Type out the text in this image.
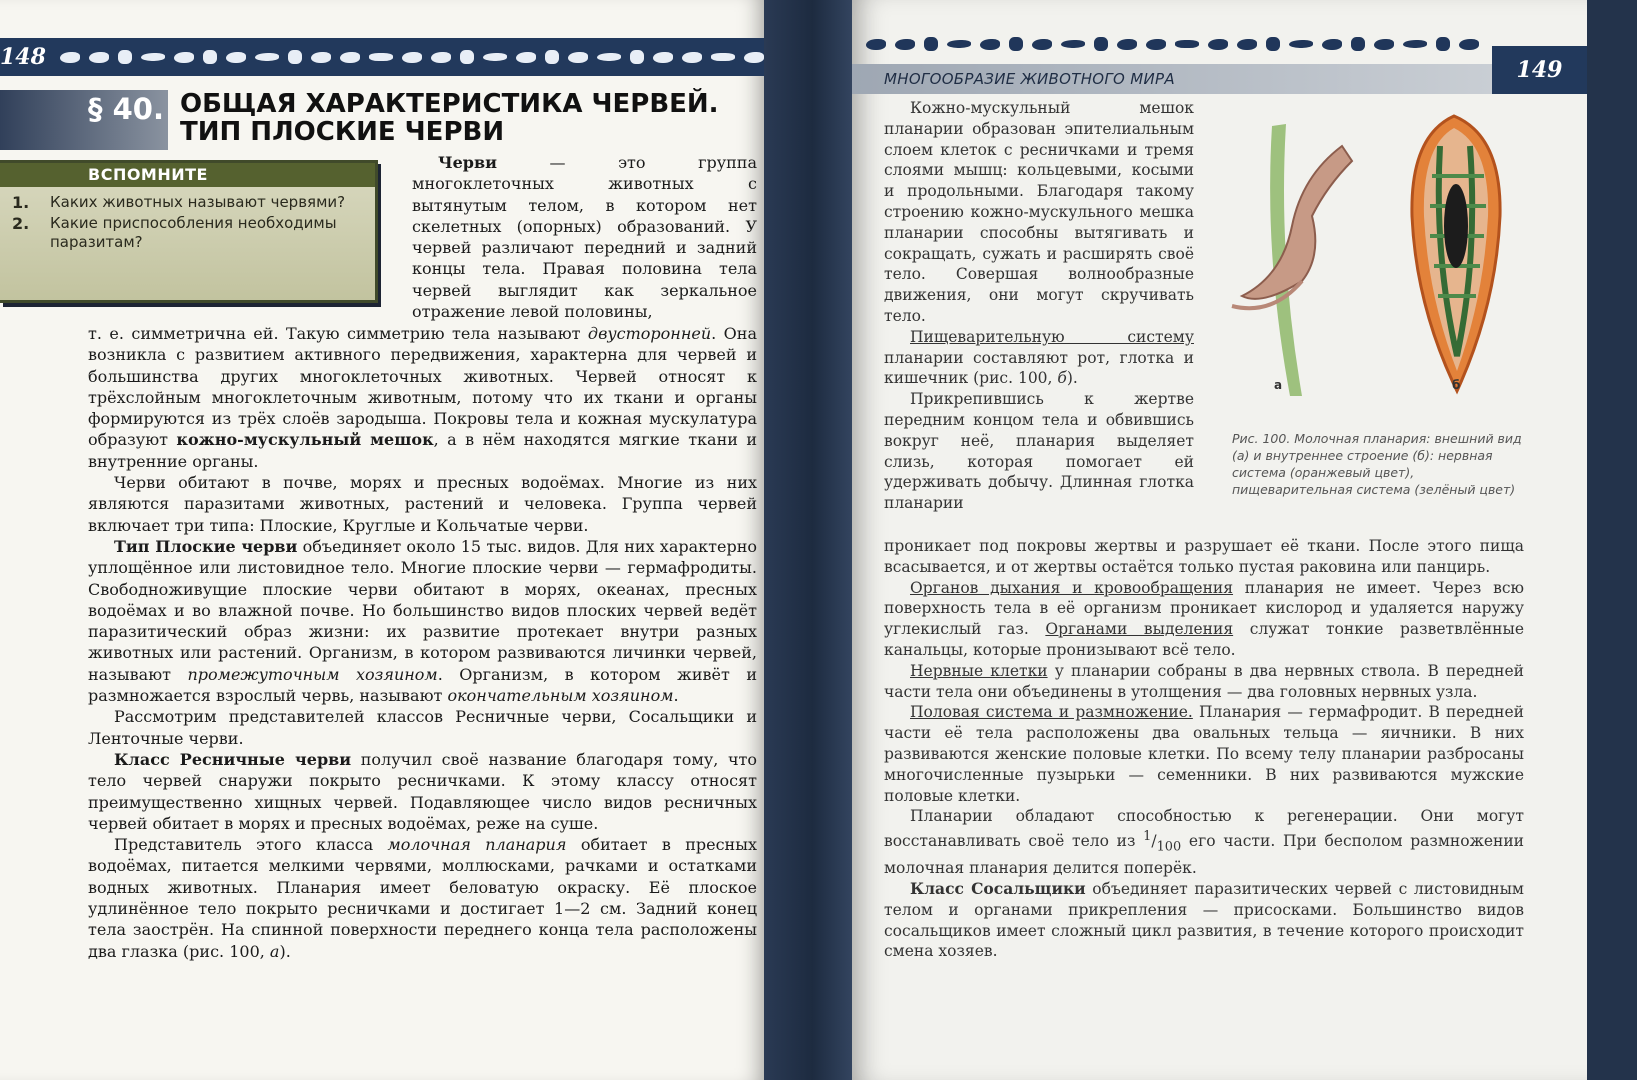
148
§ 40. ОБЩАЯ ХАРАКТЕРИСТИКА ЧЕРВЕЙ.
ТИП ПЛОСКИЕ ЧЕРВИ
ВСПОМНИТЕ
1. Каких животных называют червями?
2. Какие приспособления необходимы паразитам?

Черви — это группа многоклеточных животных с вытянутым телом, в котором нет скелетных (опорных) образований. У червей различают передний и задний концы тела. Правая половина тела червей выглядит как зеркальное отражение левой половины,

т. е. симметрична ей. Такую симметрию тела называют двусторонней. Она возникла с развитием активного передвижения, характерна для червей и большинства других многоклеточных животных. Червей относят к трёхслойным многоклеточным животным, потому что их ткани и органы формируются из трёх слоёв зародыша. Покровы тела и кожная мускулатура образуют кожно-мускульный мешок, а в нём находятся мягкие ткани и внутренние органы.

Черви обитают в почве, морях и пресных водоёмах. Многие из них являются паразитами животных, растений и человека. Группа червей включает три типа: Плоские, Круглые и Кольчатые черви.

Тип Плоские черви объединяет около 15 тыс. видов. Для них характерно уплощённое или листовидное тело. Многие плоские черви — гермафродиты. Свободноживущие плоские черви обитают в морях, океанах, пресных водоёмах и во влажной почве. Но большинство видов плоских червей ведёт паразитический образ жизни: их развитие протекает внутри разных животных или растений. Организм, в котором развиваются личинки червей, называют промежуточным хозяином. Организм, в котором живёт и размножается взрослый червь, называют окончательным хозяином.

Рассмотрим представителей классов Ресничные черви, Сосальщики и Ленточные черви.

Класс Ресничные черви получил своё название благодаря тому, что тело червей снаружи покрыто ресничками. К этому классу относят преимущественно хищных червей. Подавляющее число видов ресничных червей обитает в морях и пресных водоёмах, реже на суше.

Представитель этого класса молочная планария обитает в пресных водоёмах, питается мелкими червями, моллюсками, рачками и остатками водных животных. Планария имеет беловатую окраску. Её плоское удлинённое тело покрыто ресничками и достигает 1—2 см. Задний конец тела заострён. На спинной поверхности переднего конца тела расположены два глазка (рис. 100, а).

МНОГООБРАЗИЕ ЖИВОТНОГО МИРА	149

Кожно-мускульный мешок планарии образован эпителиальным слоем клеток с ресничками и тремя слоями мышц: кольцевыми, косыми и продольными. Благодаря такому строению кожно-мускульного мешка планарии способны вытягивать и сокращать, сужать и расширять своё тело. Совершая волнообразные движения, они могут скручивать тело.

Пищеварительную систему планарии составляют рот, глотка и кишечник (рис. 100, б).

Прикрепившись к жертве передним концом тела и обвившись вокруг неё, планария выделяет слизь, которая помогает ей удерживать добычу. Длинная глотка планарии

а	б
Рис. 100. Молочная планария: внешний вид (а) и внутреннее строение (б): нервная система (оранжевый цвет), пищеварительная система (зелёный цвет)

проникает под покровы жертвы и разрушает её ткани. После этого пища всасывается, и от жертвы остаётся только пустая раковина или панцирь.

Органов дыхания и кровообращения планария не имеет. Через всю поверхность тела в её организм проникает кислород и удаляется наружу углекислый газ. Органами выделения служат тонкие разветвлённые канальцы, которые пронизывают всё тело.

Нервные клетки у планарии собраны в два нервных ствола. В передней части тела они объединены в утолщения — два головных нервных узла.

Половая система и размножение. Планария — гермафродит. В передней части её тела расположены два овальных тельца — яичники. В них развиваются женские половые клетки. По всему телу планарии разбросаны многочисленные пузырьки — семенники. В них развиваются мужские половые клетки.

Планарии обладают способностью к регенерации. Они могут восстанавливать своё тело из $^1/_{100}$ его части. При бесполом размножении молочная планария делится поперёк.

Класс Сосальщики объединяет паразитических червей с листовидным телом и органами прикрепления — присосками. Большинство видов сосальщиков имеет сложный цикл развития, в течение которого происходит смена хозяев.
